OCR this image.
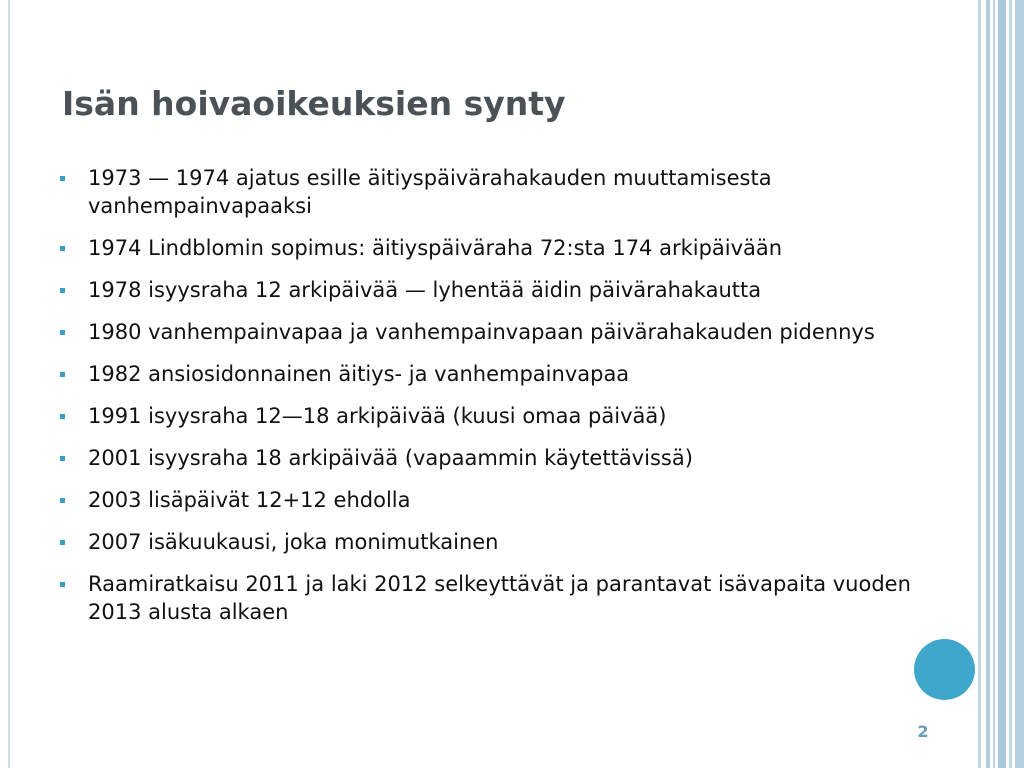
Isän hoivaoikeuksien synty
1973 — 1974 ajatus esille äitiyspäivärahakauden muuttamisesta vanhempainvapaaksi
1974 Lindblomin sopimus: äitiyspäiväraha 72:sta 174 arkipäivään
1978 isyysraha 12 arkipäivää — lyhentää äidin päivärahakautta
1980 vanhempainvapaa ja vanhempainvapaan päivärahakauden pidennys
1982 ansiosidonnainen äitiys- ja vanhempainvapaa
1991 isyysraha 12—18 arkipäivää (kuusi omaa päivää)
2001 isyysraha 18 arkipäivää (vapaammin käytettävissä)
2003 lisäpäivät 12+12 ehdolla
2007 isäkuukausi, joka monimutkainen
Raamiratkaisu 2011 ja laki 2012 selkeyttävät ja parantavat isävapaita vuoden 2013 alusta alkaen
2
